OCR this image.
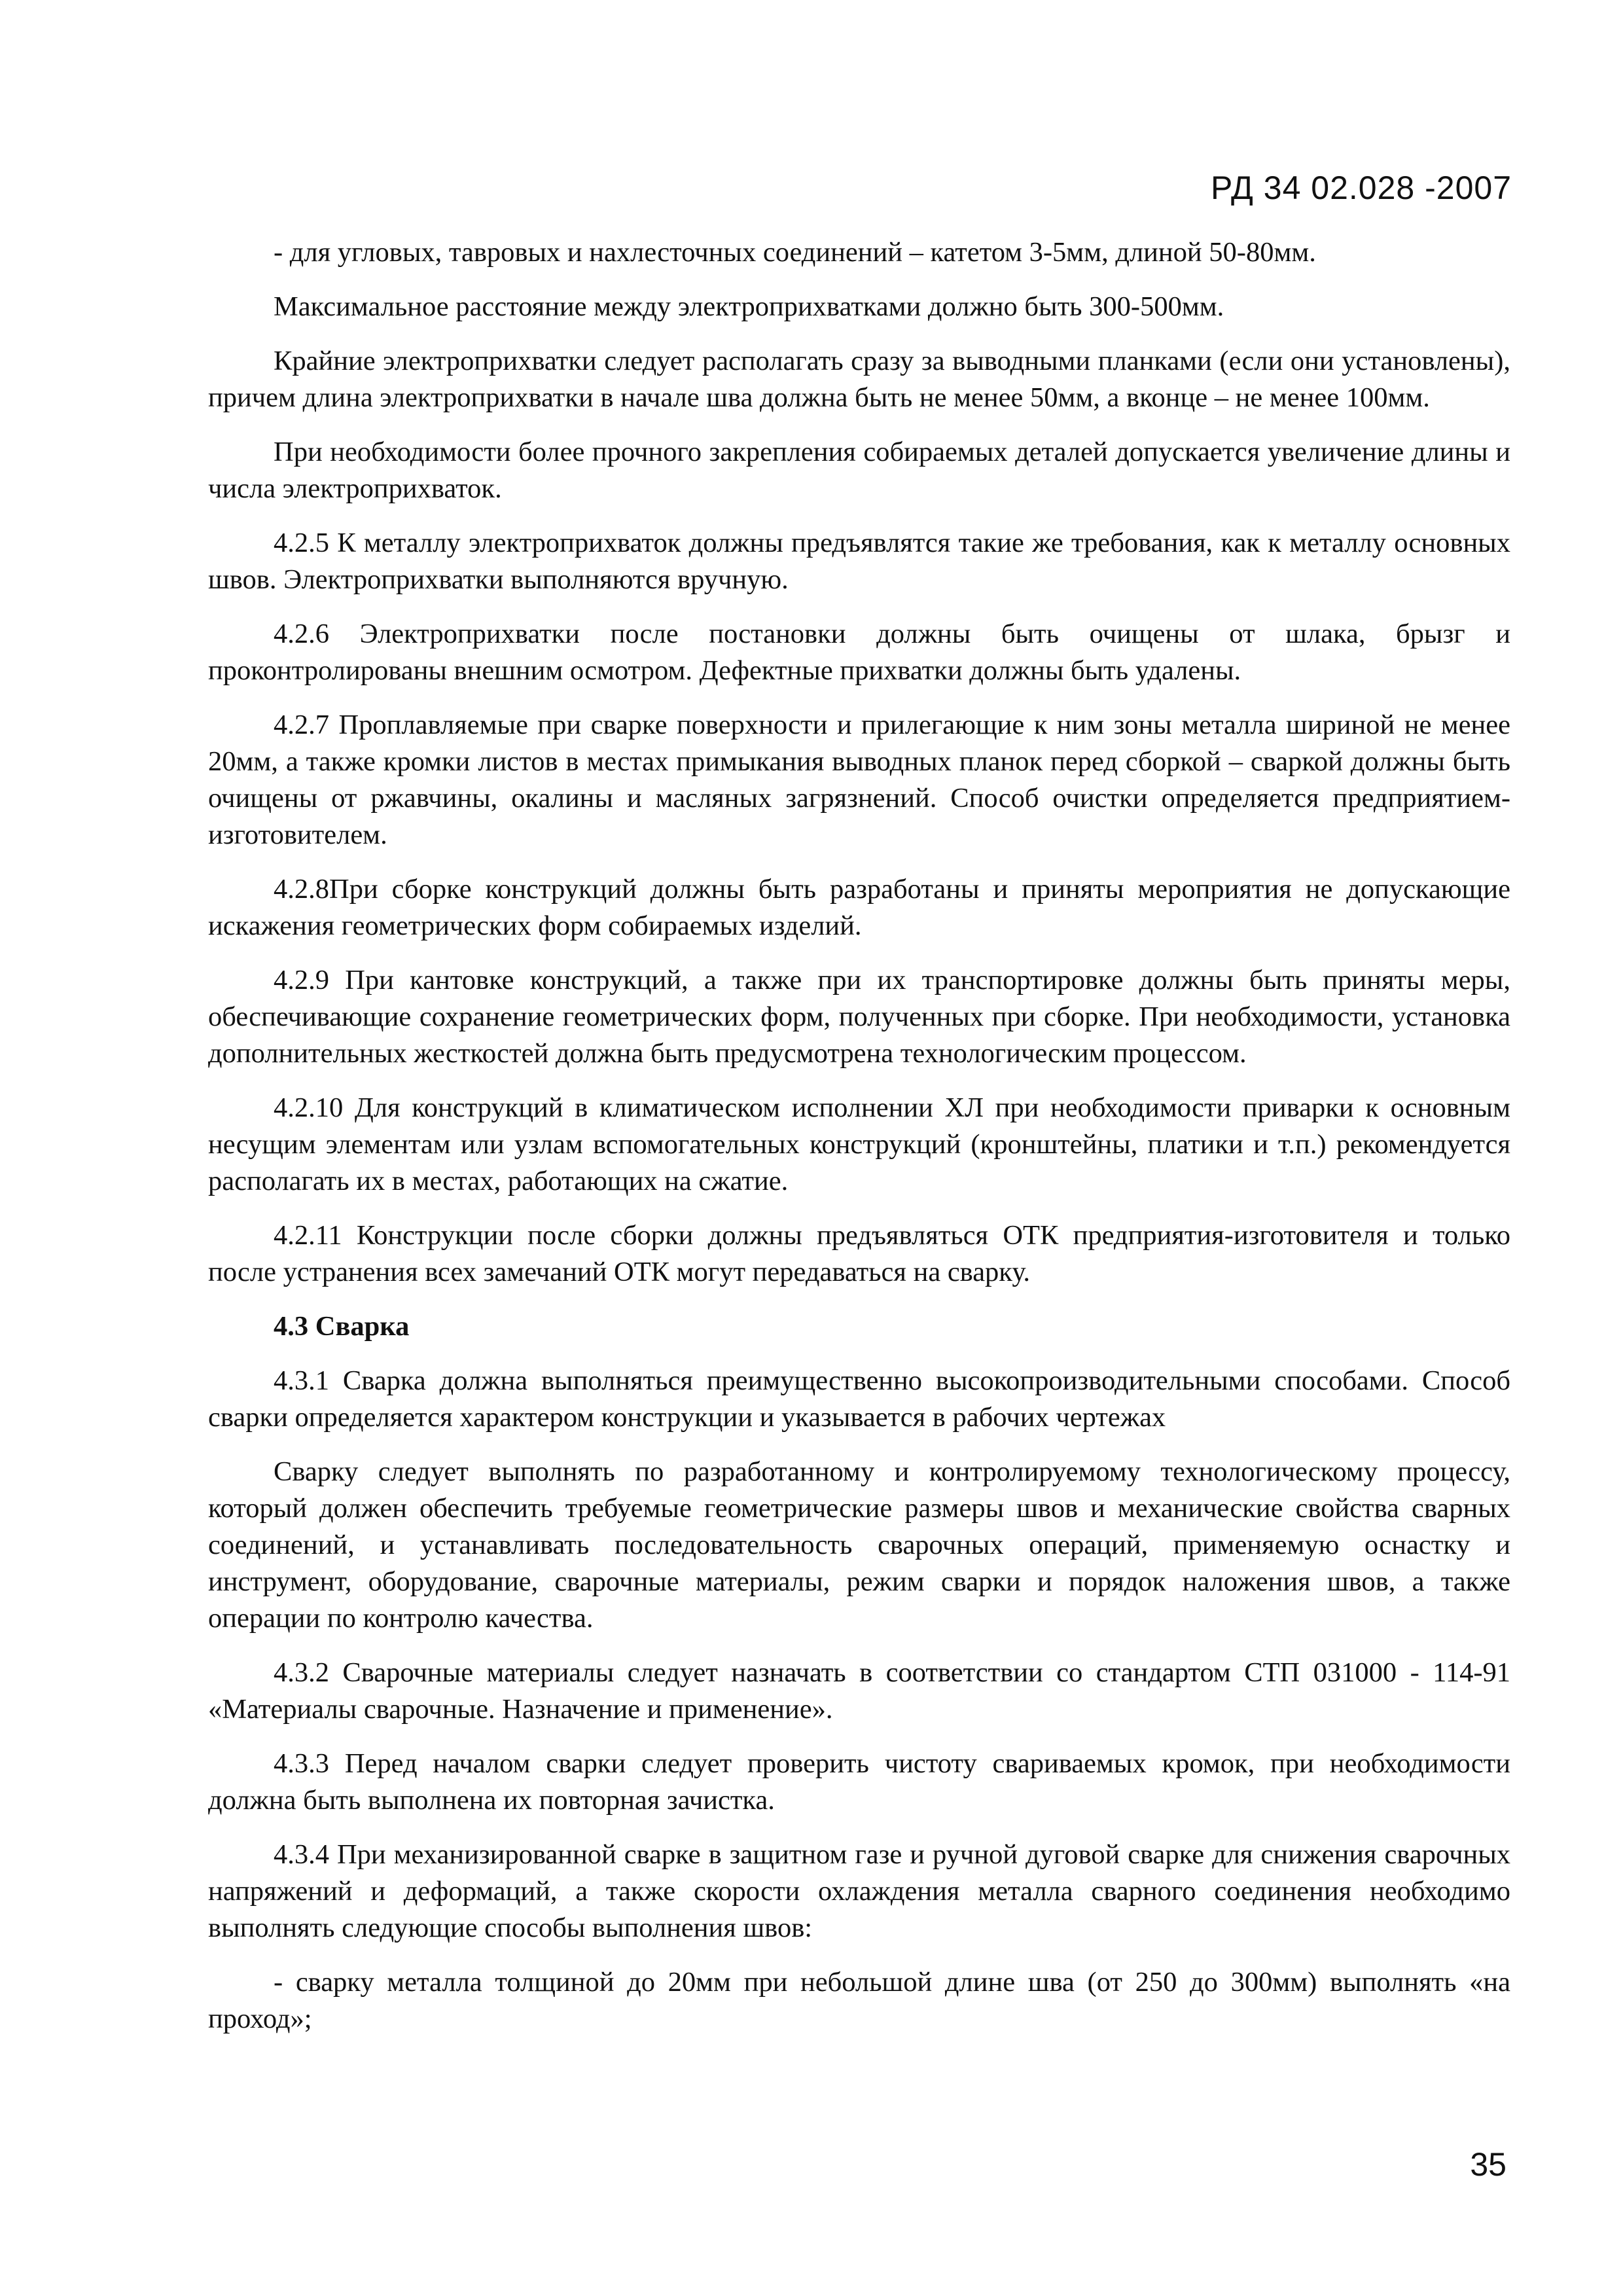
РД 34 02.028 -2007

- для угловых, тавровых и нахлесточных соединений – катетом 3-5мм, длиной 50-80мм.

Максимальное расстояние между электроприхватками должно быть 300-500мм.

Крайние электроприхватки следует располагать сразу за выводными планками (если они установлены), причем длина электроприхватки в начале шва должна быть не менее 50мм, а вконце – не менее 100мм.

При необходимости более прочного закрепления собираемых деталей допускается увеличение длины и числа электроприхваток.

4.2.5 К металлу электроприхваток должны предъявлятся такие же требования, как к металлу основных швов. Электроприхватки выполняются вручную.

4.2.6 Электроприхватки после постановки должны быть очищены от шлака, брызг и проконтролированы внешним осмотром. Дефектные прихватки должны быть удалены.

4.2.7 Проплавляемые при сварке поверхности и прилегающие к ним зоны металла шириной не менее 20мм, а также кромки листов в местах примыкания выводных планок перед сборкой – сваркой должны быть очищены от ржавчины, окалины и масляных загрязнений. Способ очистки определяется предприятием-изготовителем.

4.2.8При сборке конструкций должны быть разработаны и приняты мероприятия не допускающие искажения геометрических форм собираемых изделий.

4.2.9 При кантовке конструкций, а также при их транспортировке должны быть приняты меры, обеспечивающие сохранение геометрических форм, полученных при сборке. При необходимости, установка дополнительных жесткостей должна быть предусмотрена технологическим процессом.

4.2.10 Для конструкций в климатическом исполнении ХЛ при необходимости приварки к основным несущим элементам или узлам вспомогательных конструкций (кронштейны, платики и т.п.) рекомендуется располагать их в местах, работающих на сжатие.

4.2.11 Конструкции после сборки должны предъявляться ОТК предприятия-изготовителя и только после устранения всех замечаний ОТК могут передаваться на сварку.

4.3 Сварка

4.3.1 Сварка должна выполняться преимущественно высокопроизводительными способами. Способ сварки определяется характером конструкции и указывается в рабочих чертежах

Сварку следует выполнять по разработанному и контролируемому технологическому процессу, который должен обеспечить требуемые геометрические размеры швов и механические свойства сварных соединений, и устанавливать последовательность сварочных операций, применяемую оснастку и инструмент, оборудование, сварочные материалы, режим сварки и порядок наложения швов, а также операции по контролю качества.

4.3.2 Сварочные материалы следует назначать в соответствии со стандартом СТП 031000 - 114-91 «Материалы сварочные. Назначение и применение».

4.3.3 Перед началом сварки следует проверить чистоту свариваемых кромок, при необходимости должна быть выполнена их повторная зачистка.

4.3.4 При механизированной сварке в защитном газе и ручной дуговой сварке для снижения сварочных напряжений и деформаций, а также скорости охлаждения металла сварного соединения необходимо выполнять следующие способы выполнения швов:

- сварку металла толщиной до 20мм при небольшой длине шва (от 250 до 300мм) выполнять «на проход»;

35
